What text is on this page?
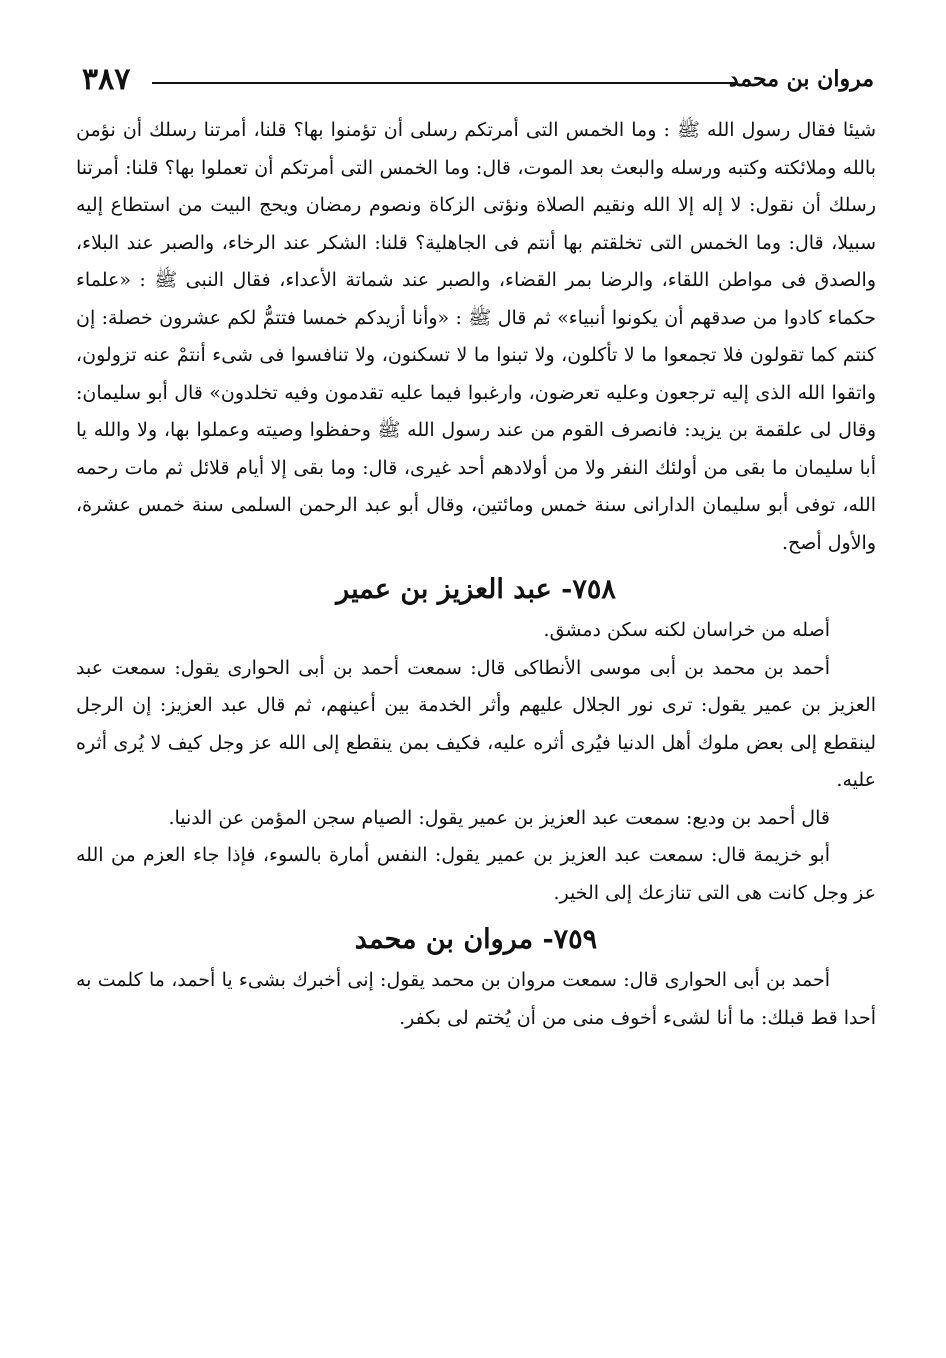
مروان بن محمد
٣٨٧

شيئا فقال رسول الله ﷺ : وما الخمس التى أمرتكم رسلى أن تؤمنوا بها؟ قلنا، أمرتنا رسلك أن نؤمن بالله وملائكته وكتبه ورسله والبعث بعد الموت، قال: وما الخمس التى أمرتكم أن تعملوا بها؟ قلنا: أمرتنا رسلك أن نقول: لا إله إلا الله ونقيم الصلاة ونؤتى الزكاة ونصوم رمضان ويحج البيت من استطاع إليه سبيلا، قال: وما الخمس التى تخلقتم بها أنتم فى الجاهلية؟ قلنا: الشكر عند الرخاء، والصبر عند البلاء، والصدق فى مواطن اللقاء، والرضا بمر القضاء، والصبر عند شماتة الأعداء، فقال النبى ﷺ : «علماء حكماء كادوا من صدقهم أن يكونوا أنبياء» ثم قال ﷺ : «وأنا أزيدكم خمسا فتتمُّ لكم عشرون خصلة: إن كنتم كما تقولون فلا تجمعوا ما لا تأكلون، ولا تبنوا ما لا تسكنون، ولا تنافسوا فى شىء أنتمْ عنه تزولون، واتقوا الله الذى إليه ترجعون وعليه تعرضون، وارغبوا فيما عليه تقدمون وفيه تخلدون» قال أبو سليمان: وقال لى علقمة بن يزيد: فانصرف القوم من عند رسول الله ﷺ وحفظوا وصيته وعملوا بها، ولا والله يا أبا سليمان ما بقى من أولئك النفر ولا من أولادهم أحد غيرى، قال: وما بقى إلا أيام قلائل ثم مات رحمه الله، توفى أبو سليمان الدارانى سنة خمس ومائتين، وقال أبو عبد الرحمن السلمى سنة خمس عشرة، والأول أصح.

٧٥٨- عبد العزيز بن عمير

أصله من خراسان لكنه سكن دمشق.

أحمد بن محمد بن أبى موسى الأنطاكى قال: سمعت أحمد بن أبى الحوارى يقول: سمعت عبد العزيز بن عمير يقول: ترى نور الجلال عليهم وأثر الخدمة بين أعينهم، ثم قال عبد العزيز: إن الرجل لينقطع إلى بعض ملوك أهل الدنيا فيُرى أثره عليه، فكيف بمن ينقطع إلى الله عز وجل كيف لا يُرى أثره عليه.

قال أحمد بن وديع: سمعت عبد العزيز بن عمير يقول: الصيام سجن المؤمن عن الدنيا.

أبو خزيمة قال: سمعت عبد العزيز بن عمير يقول: النفس أمارة بالسوء، فإذا جاء العزم من الله عز وجل كانت هى التى تنازعك إلى الخير.

٧٥٩- مروان بن محمد

أحمد بن أبى الحوارى قال: سمعت مروان بن محمد يقول: إنى أخبرك بشىء يا أحمد، ما كلمت به أحدا قط قبلك: ما أنا لشىء أخوف منى من أن يُختم لى بكفر.
